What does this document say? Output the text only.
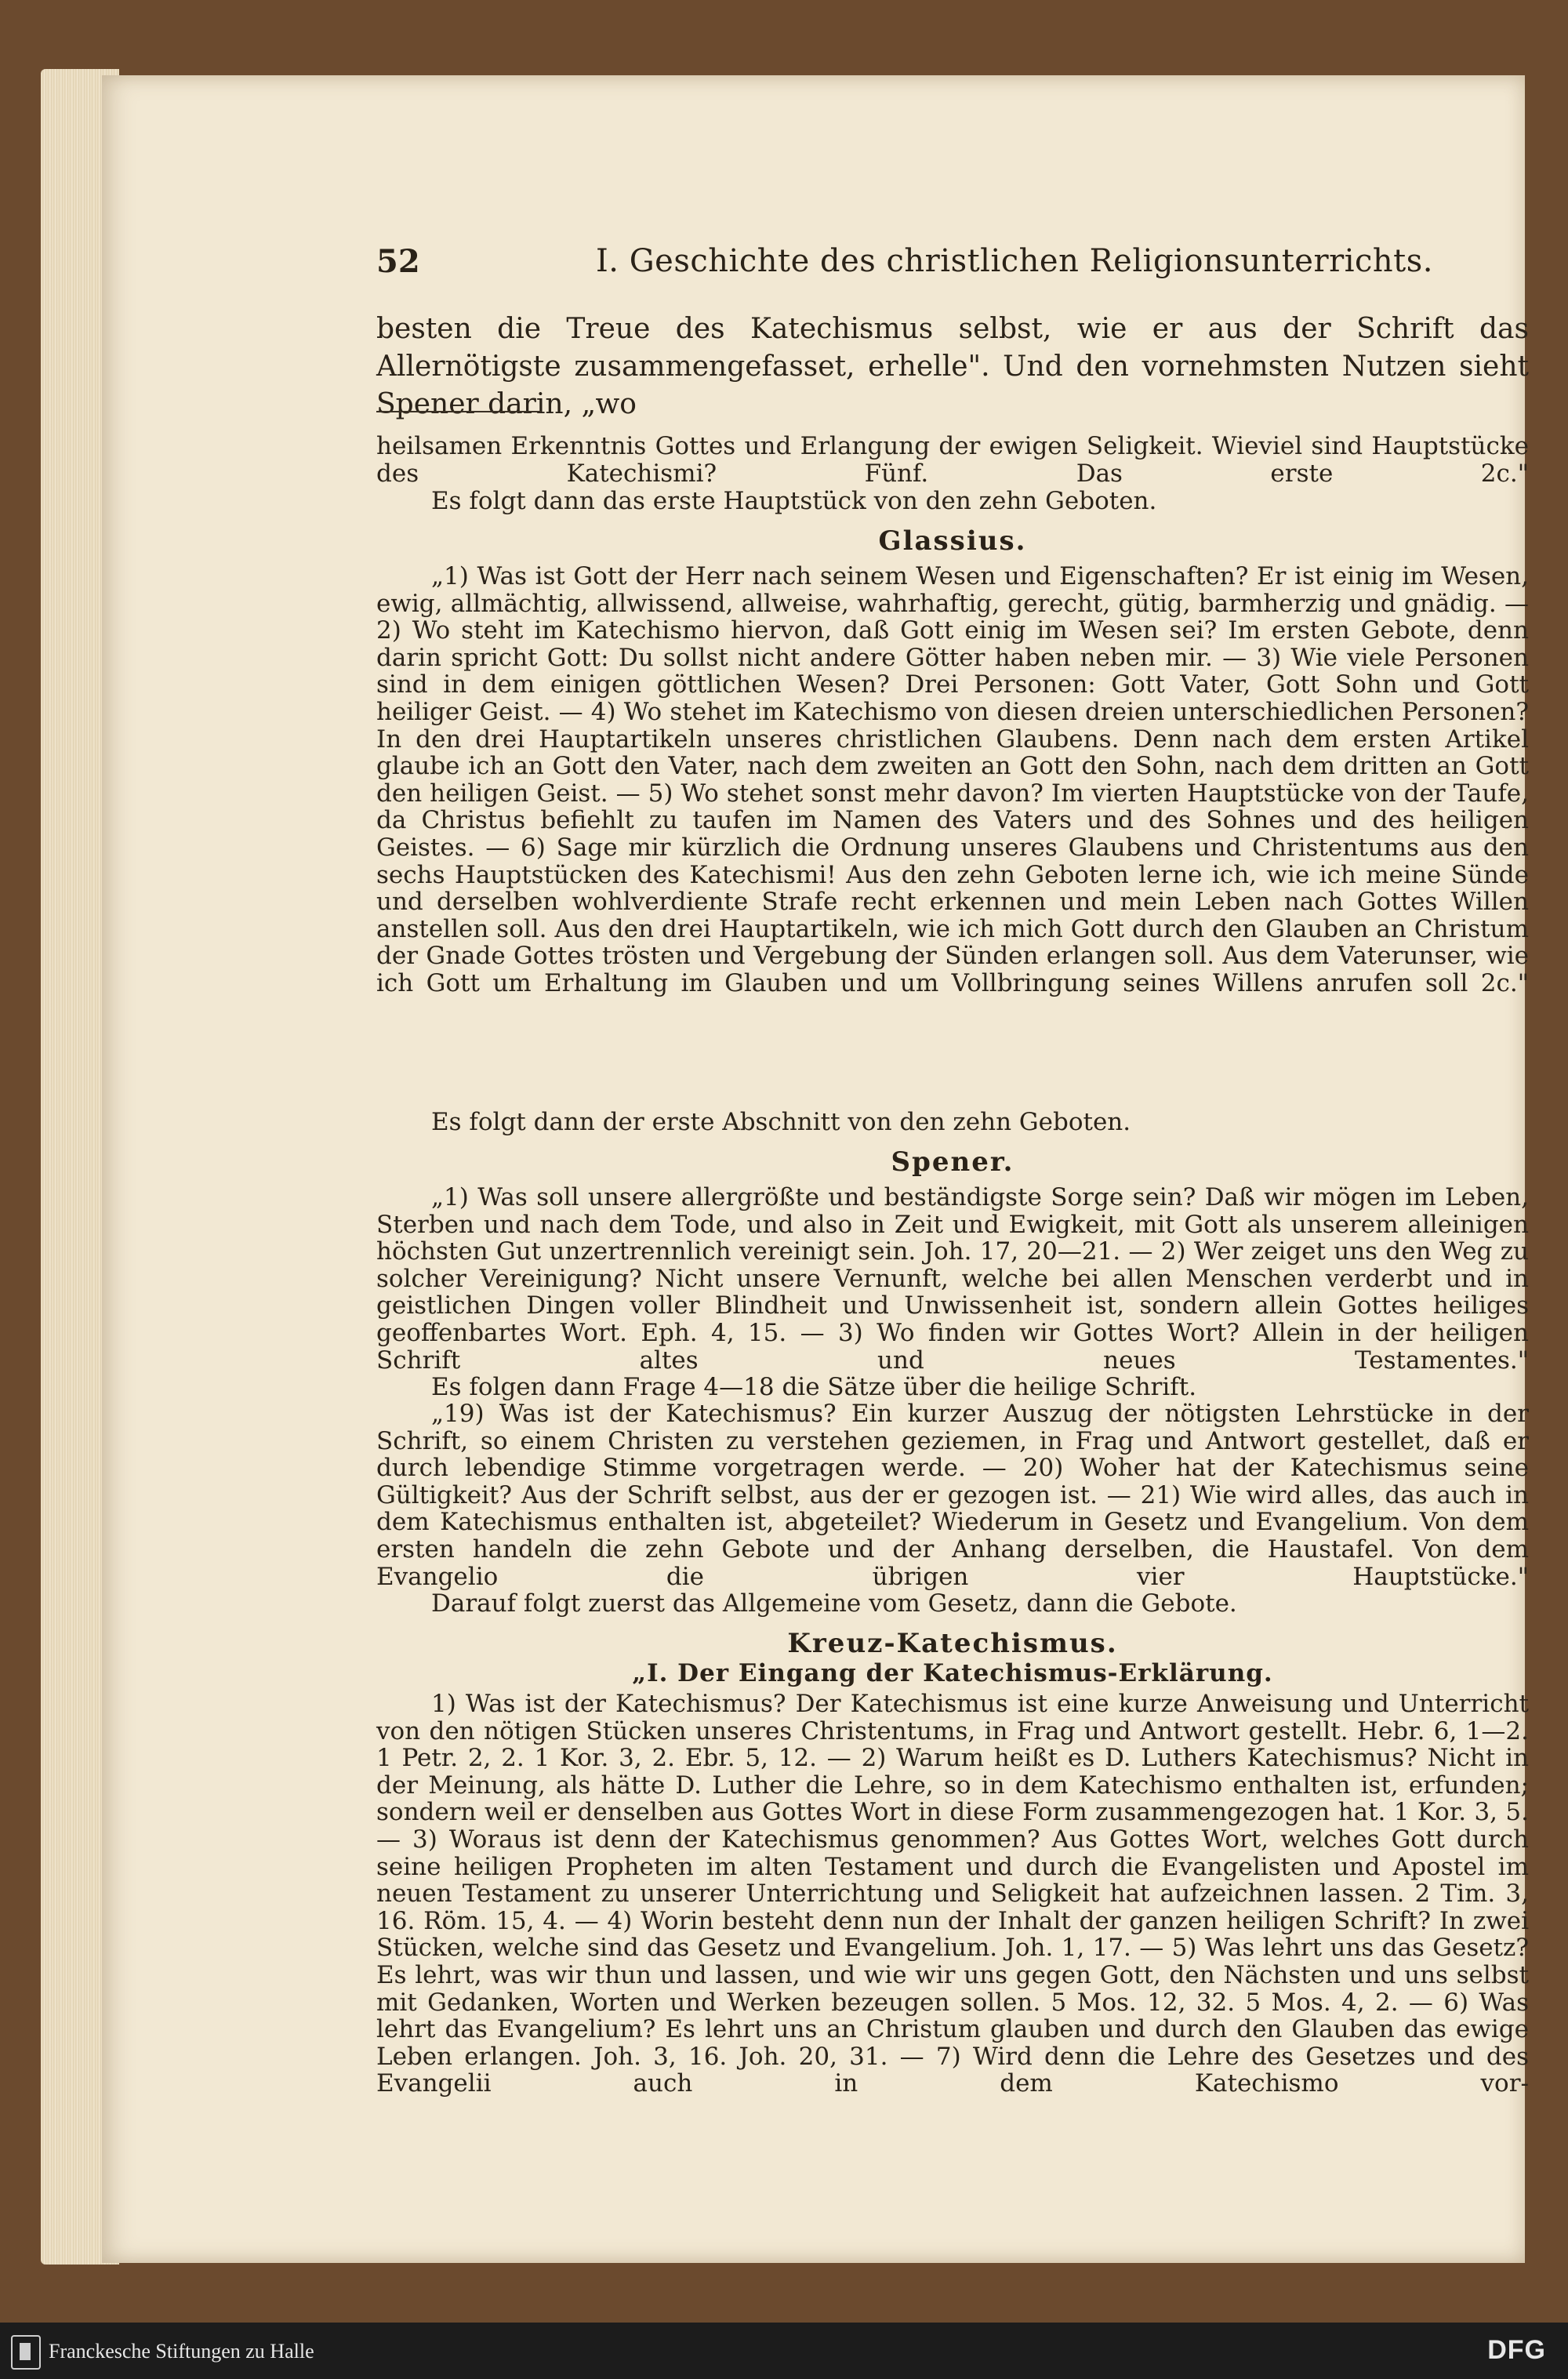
52	I. Geschichte des christlichen Religionsunterrichts.

besten die Treue des Katechismus selbst, wie er aus der Schrift das Allernötigste zusammengefasset, erhelle". Und den vornehmsten Nutzen sieht Spener darin, „wo

heilsamen Erkenntnis Gottes und Erlangung der ewigen Seligkeit. Wieviel sind Hauptstücke des Katechismi? Fünf. Das erste 2c."

Es folgt dann das erste Hauptstück von den zehn Geboten.

Glassius.

„1) Was ist Gott der Herr nach seinem Wesen und Eigenschaften? Er ist einig im Wesen, ewig, allmächtig, allwissend, allweise, wahrhaftig, gerecht, gütig, barmherzig und gnädig. — 2) Wo steht im Katechismo hiervon, daß Gott einig im Wesen sei? Im ersten Gebote, denn darin spricht Gott: Du sollst nicht andere Götter haben neben mir. — 3) Wie viele Personen sind in dem einigen göttlichen Wesen? Drei Personen: Gott Vater, Gott Sohn und Gott heiliger Geist. — 4) Wo stehet im Katechismo von diesen dreien unterschiedlichen Personen? In den drei Hauptartikeln unseres christlichen Glaubens. Denn nach dem ersten Artikel glaube ich an Gott den Vater, nach dem zweiten an Gott den Sohn, nach dem dritten an Gott den heiligen Geist. — 5) Wo stehet sonst mehr davon? Im vierten Hauptstücke von der Taufe, da Christus befiehlt zu taufen im Namen des Vaters und des Sohnes und des heiligen Geistes. — 6) Sage mir kürzlich die Ordnung unseres Glaubens und Christentums aus den sechs Hauptstücken des Katechismi! Aus den zehn Geboten lerne ich, wie ich meine Sünde und derselben wohlverdiente Strafe recht erkennen und mein Leben nach Gottes Willen anstellen soll. Aus den drei Hauptartikeln, wie ich mich Gott durch den Glauben an Christum der Gnade Gottes trösten und Vergebung der Sünden erlangen soll. Aus dem Vaterunser, wie ich Gott um Erhaltung im Glauben und um Vollbringung seines Willens anrufen soll 2c."

Es folgt dann der erste Abschnitt von den zehn Geboten.

Spener.

„1) Was soll unsere allergrößte und beständigste Sorge sein? Daß wir mögen im Leben, Sterben und nach dem Tode, und also in Zeit und Ewigkeit, mit Gott als unserem alleinigen höchsten Gut unzertrennlich vereinigt sein. Joh. 17, 20—21. — 2) Wer zeiget uns den Weg zu solcher Vereinigung? Nicht unsere Vernunft, welche bei allen Menschen verderbt und in geistlichen Dingen voller Blindheit und Unwissenheit ist, sondern allein Gottes heiliges geoffenbartes Wort. Eph. 4, 15. — 3) Wo finden wir Gottes Wort? Allein in der heiligen Schrift altes und neues Testamentes."

Es folgen dann Frage 4—18 die Sätze über die heilige Schrift.

„19) Was ist der Katechismus? Ein kurzer Auszug der nötigsten Lehrstücke in der Schrift, so einem Christen zu verstehen geziemen, in Frag und Antwort gestellet, daß er durch lebendige Stimme vorgetragen werde. — 20) Woher hat der Katechismus seine Gültigkeit? Aus der Schrift selbst, aus der er gezogen ist. — 21) Wie wird alles, das auch in dem Katechismus enthalten ist, abgeteilet? Wiederum in Gesetz und Evangelium. Von dem ersten handeln die zehn Gebote und der Anhang derselben, die Haustafel. Von dem Evangelio die übrigen vier Hauptstücke."

Darauf folgt zuerst das Allgemeine vom Gesetz, dann die Gebote.

Kreuz-Katechismus.
„I. Der Eingang der Katechismus-Erklärung.

1) Was ist der Katechismus? Der Katechismus ist eine kurze Anweisung und Unterricht von den nötigen Stücken unseres Christentums, in Frag und Antwort gestellt. Hebr. 6, 1—2. 1 Petr. 2, 2. 1 Kor. 3, 2. Ebr. 5, 12. — 2) Warum heißt es D. Luthers Katechismus? Nicht in der Meinung, als hätte D. Luther die Lehre, so in dem Katechismo enthalten ist, erfunden; sondern weil er denselben aus Gottes Wort in diese Form zusammengezogen hat. 1 Kor. 3, 5. — 3) Woraus ist denn der Katechismus genommen? Aus Gottes Wort, welches Gott durch seine heiligen Propheten im alten Testament und durch die Evangelisten und Apostel im neuen Testament zu unserer Unterrichtung und Seligkeit hat aufzeichnen lassen. 2 Tim. 3, 16. Röm. 15, 4. — 4) Worin besteht denn nun der Inhalt der ganzen heiligen Schrift? In zwei Stücken, welche sind das Gesetz und Evangelium. Joh. 1, 17. — 5) Was lehrt uns das Gesetz? Es lehrt, was wir thun und lassen, und wie wir uns gegen Gott, den Nächsten und uns selbst mit Gedanken, Worten und Werken bezeugen sollen. 5 Mos. 12, 32. 5 Mos. 4, 2. — 6) Was lehrt das Evangelium? Es lehrt uns an Christum glauben und durch den Glauben das ewige Leben erlangen. Joh. 3, 16. Joh. 20, 31. — 7) Wird denn die Lehre des Gesetzes und des Evangelii auch in dem Katechismo vor-

Franckesche Stiftungen zu Halle	DFG
